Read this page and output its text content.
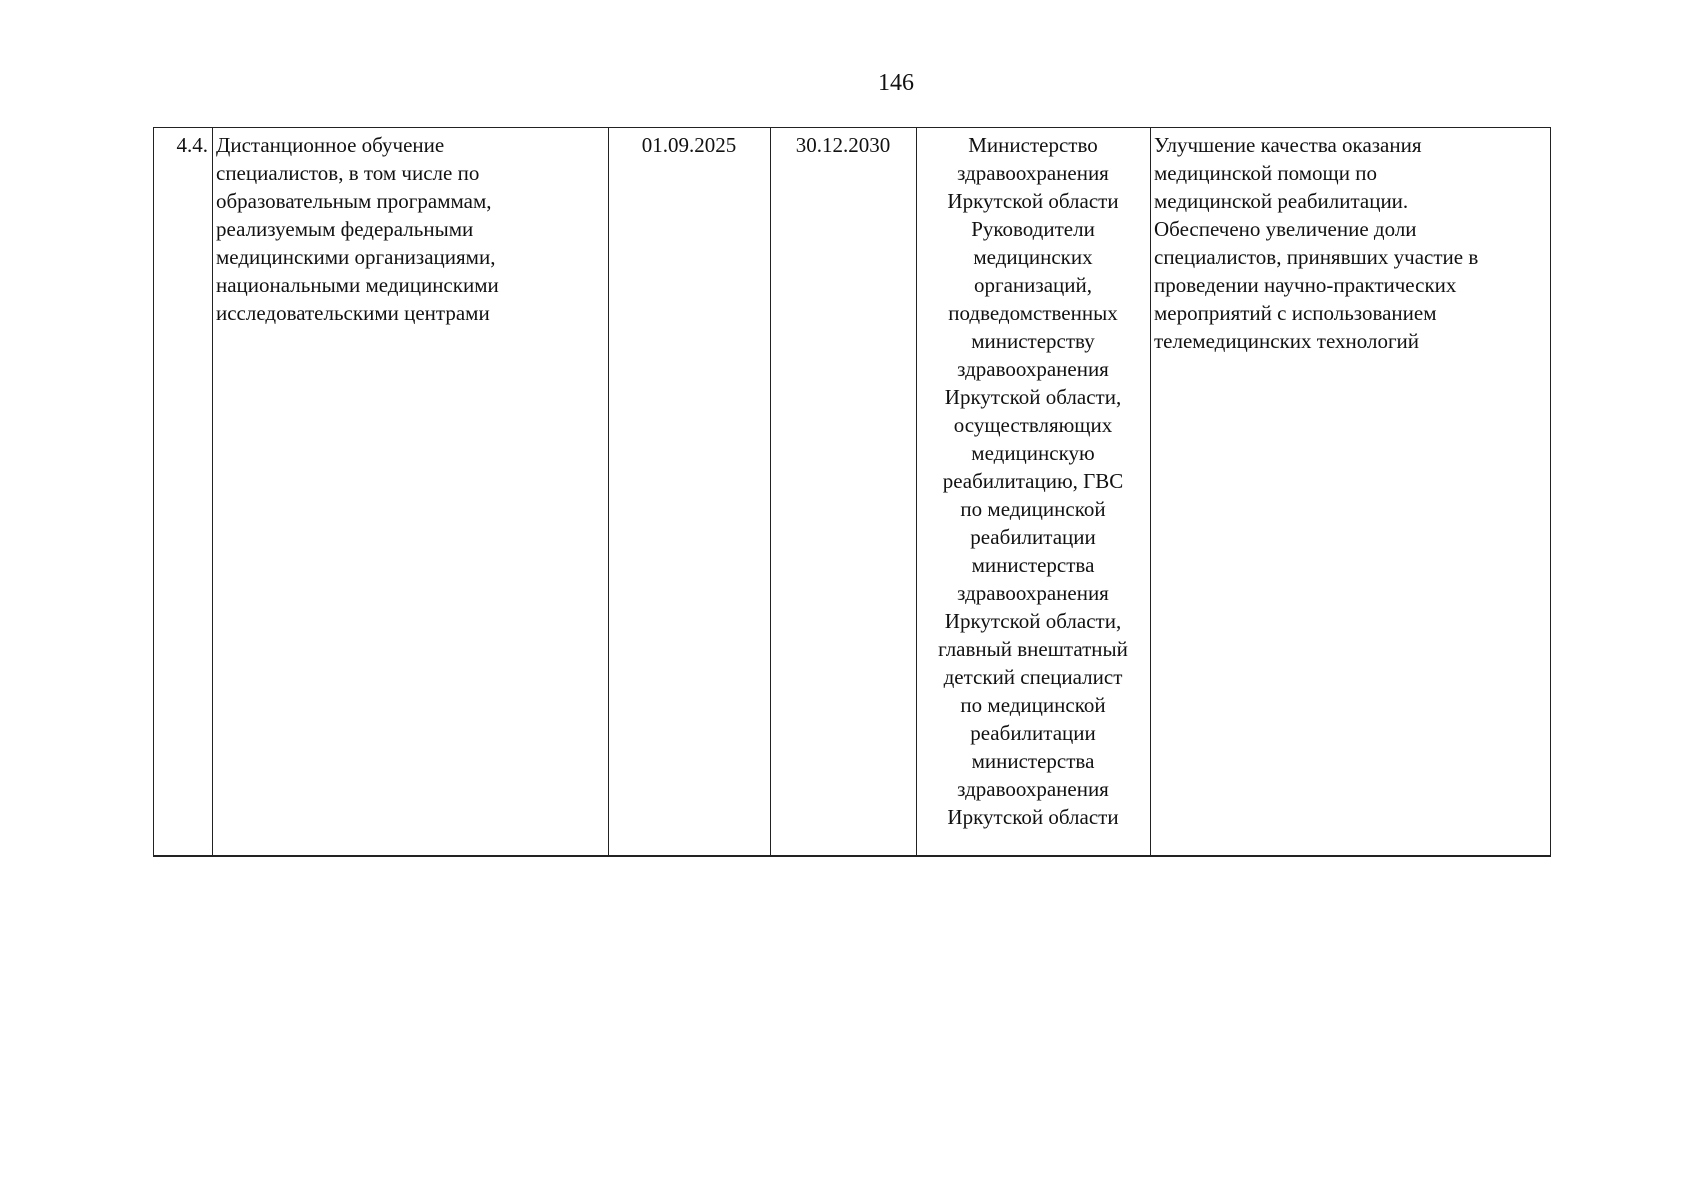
146
4.4. Дистанционное обучение
специалистов, в том числе по
образовательным программам,
реализуемым федеральными
медицинскими организациями,
национальными медицинскими
исследовательскими центрами
01.09.2025	30.12.2030	Министерство
здравоохранения
Иркутской области
Руководители
медицинских
организаций,
подведомственных
министерству
здравоохранения
Иркутской области,
осуществляющих
медицинскую
реабилитацию, ГВС
по медицинской
реабилитации
министерства
здравоохранения
Иркутской области,
главный внештатный
детский специалист
по медицинской
реабилитации
министерства
здравоохранения
Иркутской области
Улучшение качества оказания
медицинской помощи по
медицинской реабилитации.
Обеспечено увеличение доли
специалистов, принявших участие в
проведении научно-практических
мероприятий с использованием
телемедицинских технологий
